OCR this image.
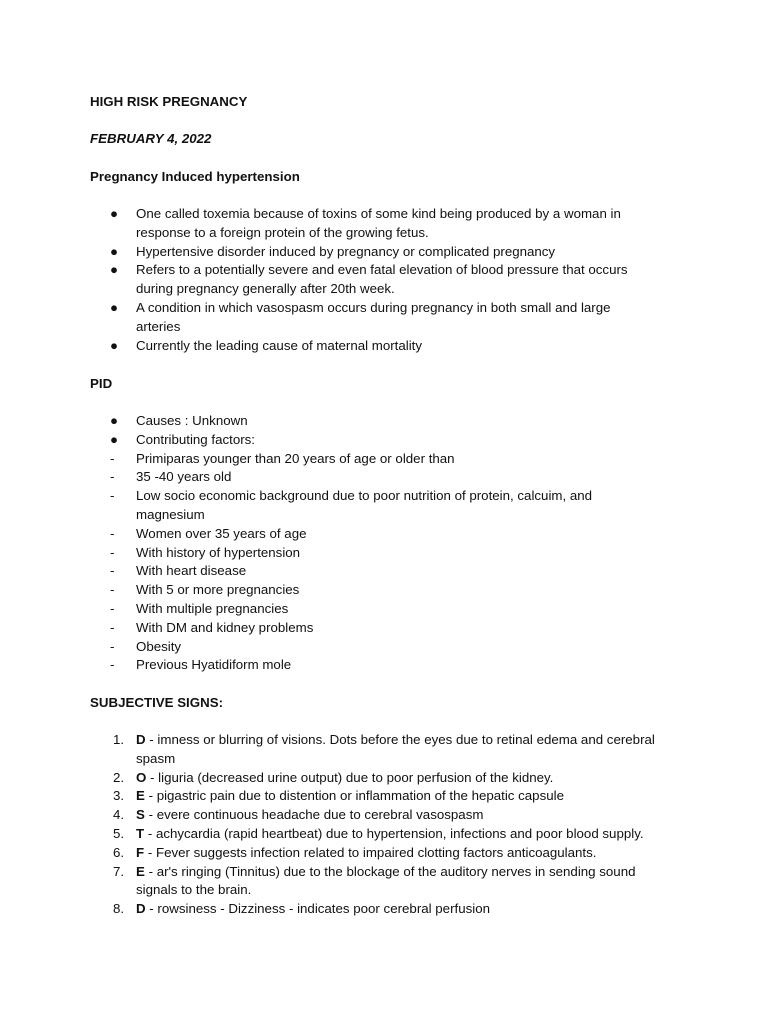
HIGH RISK PREGNANCY
FEBRUARY 4, 2022
Pregnancy Induced hypertension
● One called toxemia because of toxins of some kind being produced by a woman in
response to a foreign protein of the growing fetus.
● Hypertensive disorder induced by pregnancy or complicated pregnancy
● Refers to a potentially severe and even fatal elevation of blood pressure that occurs
during pregnancy generally after 20th week.
● A condition in which vasospasm occurs during pregnancy in both small and large
arteries
● Currently the leading cause of maternal mortality
PID
● Causes : Unknown
● Contributing factors:
- Primiparas younger than 20 years of age or older than
- 35 -40 years old
- Low socio economic background due to poor nutrition of protein, calcuim, and
magnesium
- Women over 35 years of age
- With history of hypertension
- With heart disease
- With 5 or more pregnancies
- With multiple pregnancies
- With DM and kidney problems
- Obesity
- Previous Hyatidiform mole
SUBJECTIVE SIGNS:
1. D - imness or blurring of visions. Dots before the eyes due to retinal edema and cerebral
spasm
2. O - liguria (decreased urine output) due to poor perfusion of the kidney.
3. E - pigastric pain due to distention or inflammation of the hepatic capsule
4. S - evere continuous headache due to cerebral vasospasm
5. T - achycardia (rapid heartbeat) due to hypertension, infections and poor blood supply.
6. F - Fever suggests infection related to impaired clotting factors anticoagulants.
7. E - ar's ringing (Tinnitus) due to the blockage of the auditory nerves in sending sound
signals to the brain.
8. D - rowsiness - Dizziness - indicates poor cerebral perfusion
